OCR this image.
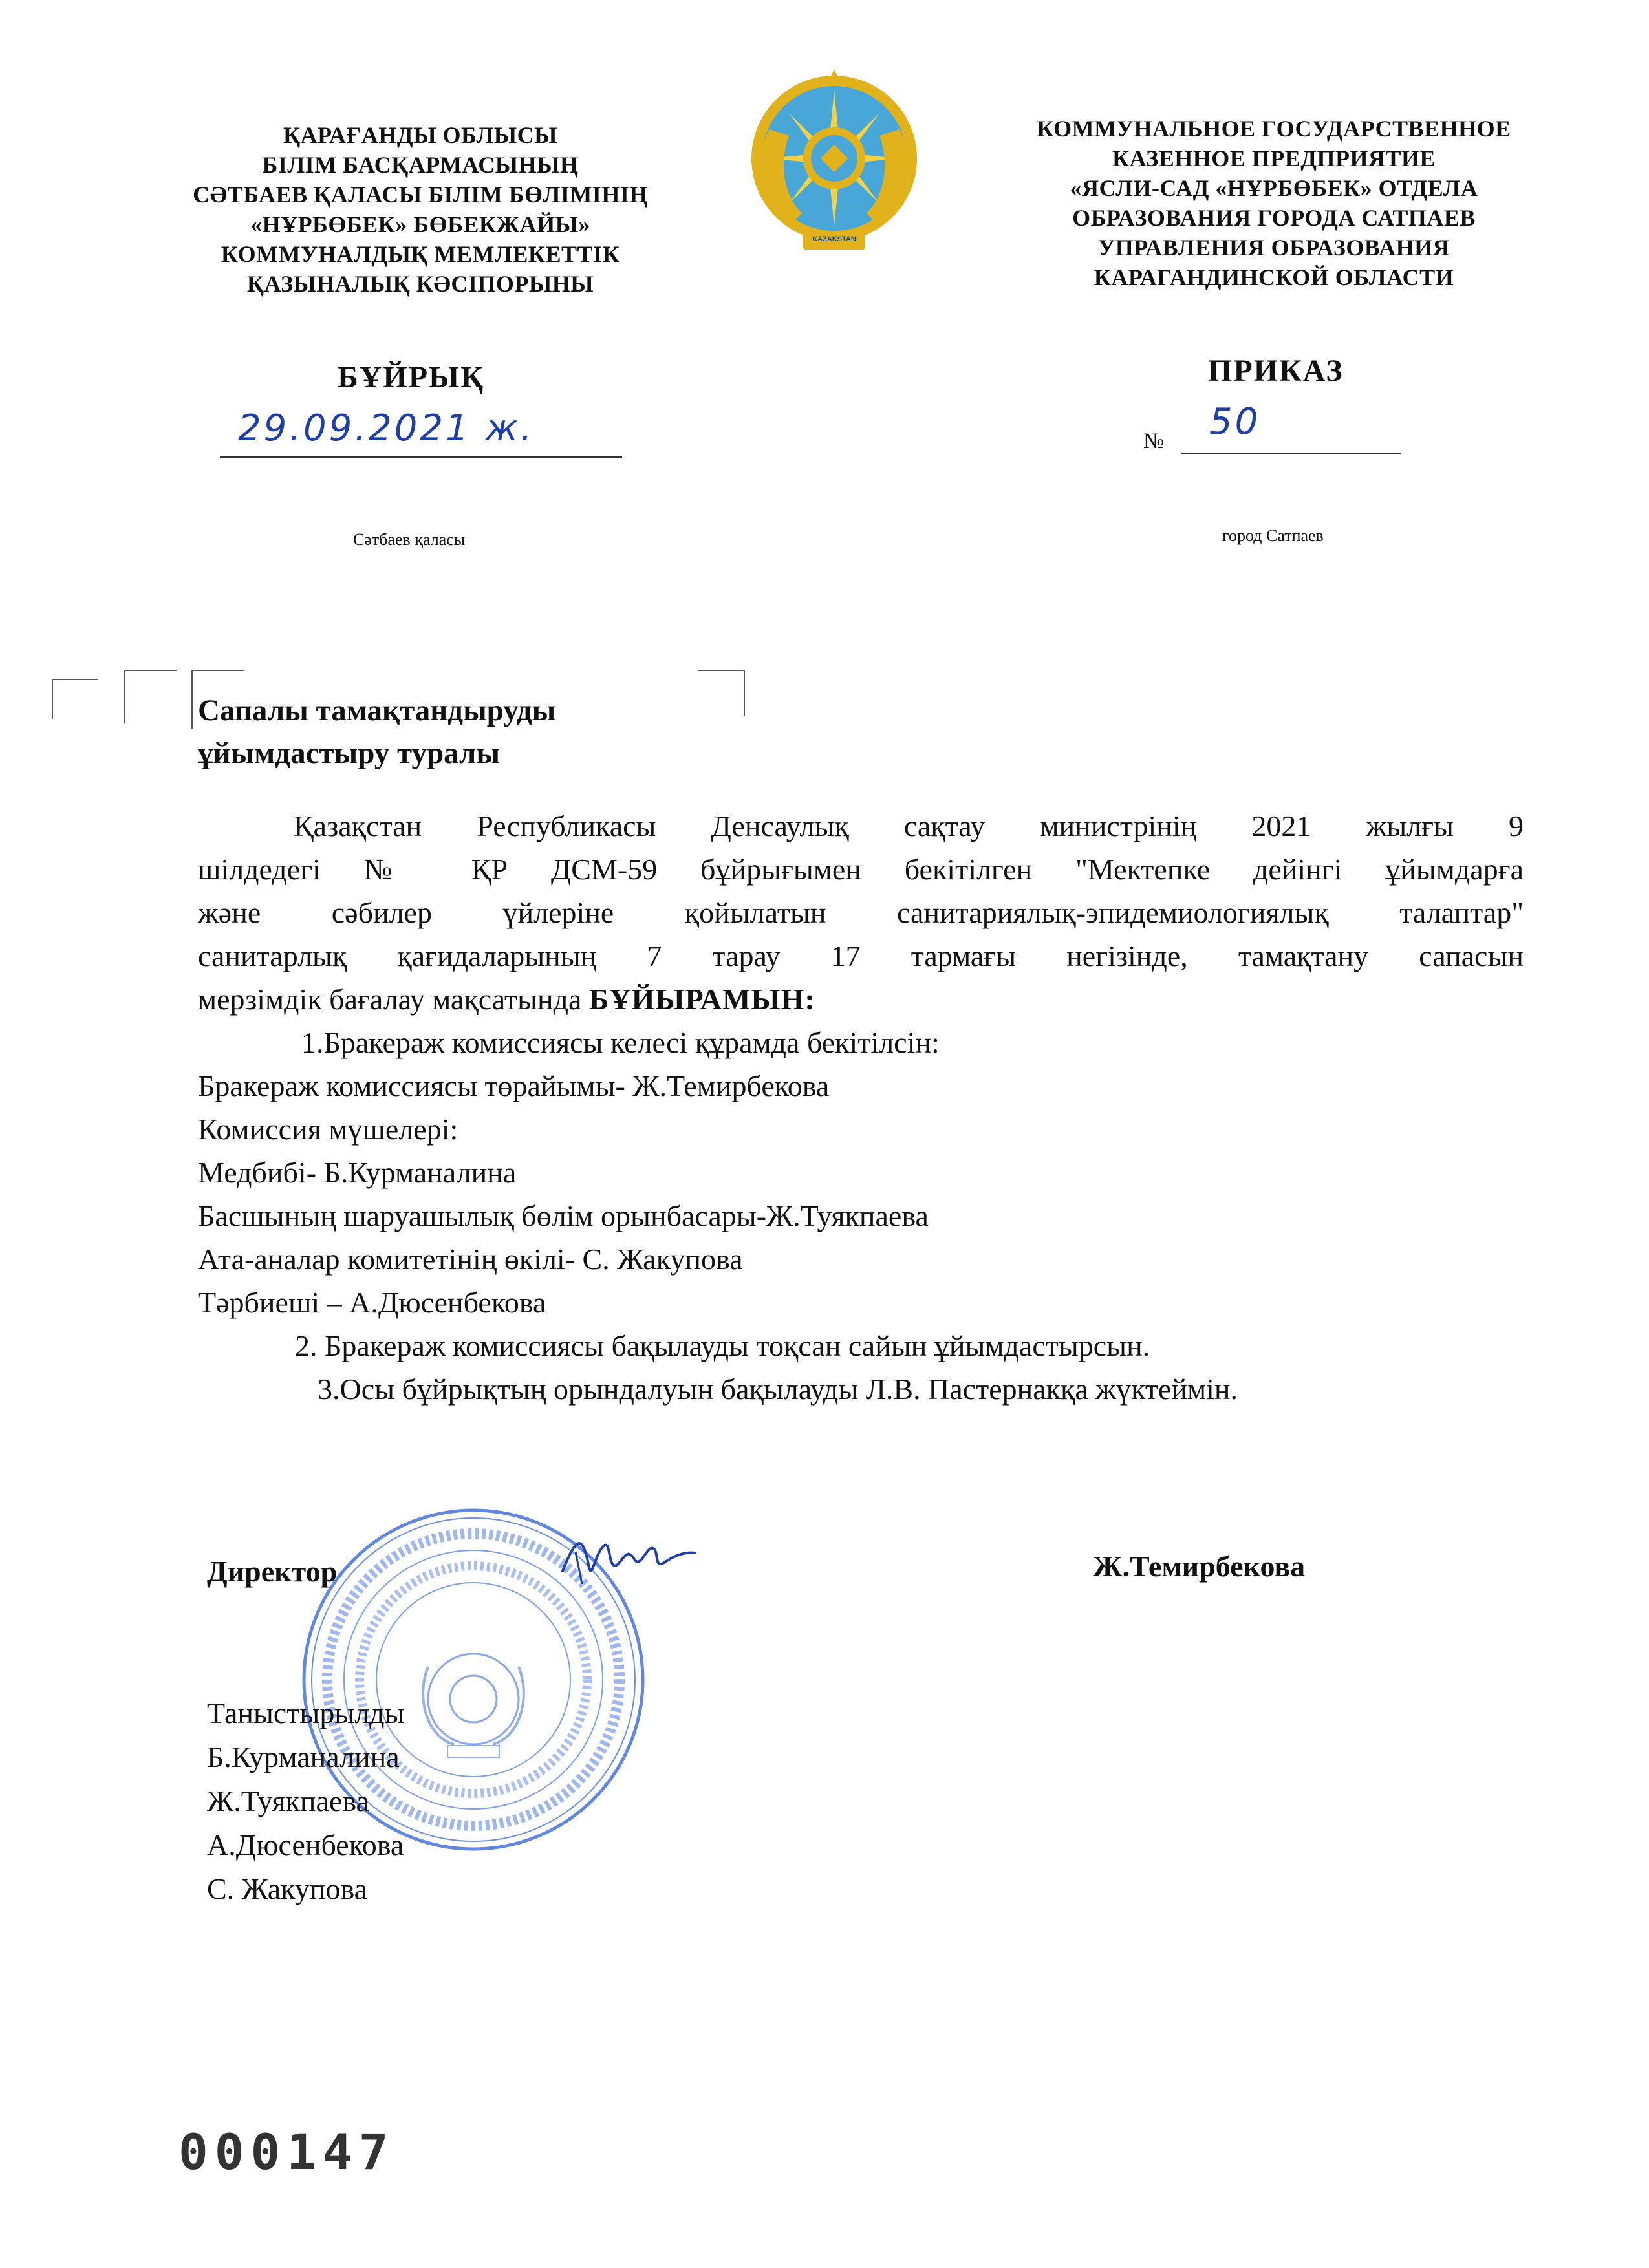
ҚАРАҒАНДЫ ОБЛЫСЫ
БІЛІМ БАСҚАРМАСЫНЫҢ
СӘТБАЕВ ҚАЛАСЫ БІЛІМ БӨЛІМІНІҢ
«НҰРБӨБЕК» БӨБЕКЖАЙЫ»
КОММУНАЛДЫҚ МЕМЛЕКЕТТІК
ҚАЗЫНАЛЫҚ КӘСІПОРЫНЫ
KAZAKSTAN
КОММУНАЛЬНОЕ ГОСУДАРСТВЕННОЕ
КАЗЕННОЕ ПРЕДПРИЯТИЕ
«ЯСЛИ-САД «НҰРБӨБЕК» ОТДЕЛА
ОБРАЗОВАНИЯ ГОРОДА САТПАЕВ
УПРАВЛЕНИЯ ОБРАЗОВАНИЯ
КАРАГАНДИНСКОЙ ОБЛАСТИ
БҰЙРЫҚ	ПРИКАЗ
29.09.2021 ж.	№ 50
Сәтбаев қаласы	город Сатпаев
Сапалы тамақтандыруды
ұйымдастыру туралы
Қазақстан Республикасы Денсаулық сақтау министрінің 2021 жылғы 9
шілдедегі № ҚР ДСМ-59 бұйрығымен бекітілген "Мектепке дейінгі ұйымдарға
және сәбилер үйлеріне қойылатын санитариялық-эпидемиологиялық талаптар"
санитарлық қағидаларының 7 тарау 17 тармағы негізінде, тамақтану сапасын
мерзімдік бағалау мақсатында БҰЙЫРАМЫН:
1.Бракераж комиссиясы келесі құрамда бекітілсін:
Бракераж комиссиясы төрайымы- Ж.Темирбекова
Комиссия мүшелері:
Медбибі- Б.Курманалина
Басшының шаруашылық бөлім орынбасары-Ж.Туякпаева
Ата-аналар комитетінің өкілі- С. Жакупова
Тәрбиеші – А.Дюсенбекова
2. Бракераж комиссиясы бақылауды тоқсан сайын ұйымдастырсын.
3.Осы бұйрықтың орындалуын бақылауды Л.В. Пастернакқа жүктеймін.
Директор	Ж.Темирбекова
Таныстырылды
Б.Курманалина
Ж.Туякпаева
А.Дюсенбекова
С. Жакупова
000147
